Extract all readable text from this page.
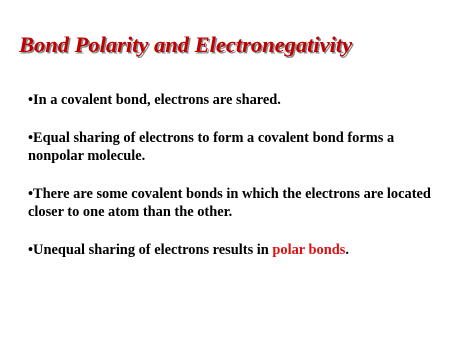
Bond Polarity and Electronegativity
•In a covalent bond, electrons are shared.
•Equal sharing of electrons to form a covalent bond forms a nonpolar molecule.
•There are some covalent bonds in which the electrons are located closer to one atom than the other.
•Unequal sharing of electrons results in polar bonds.
